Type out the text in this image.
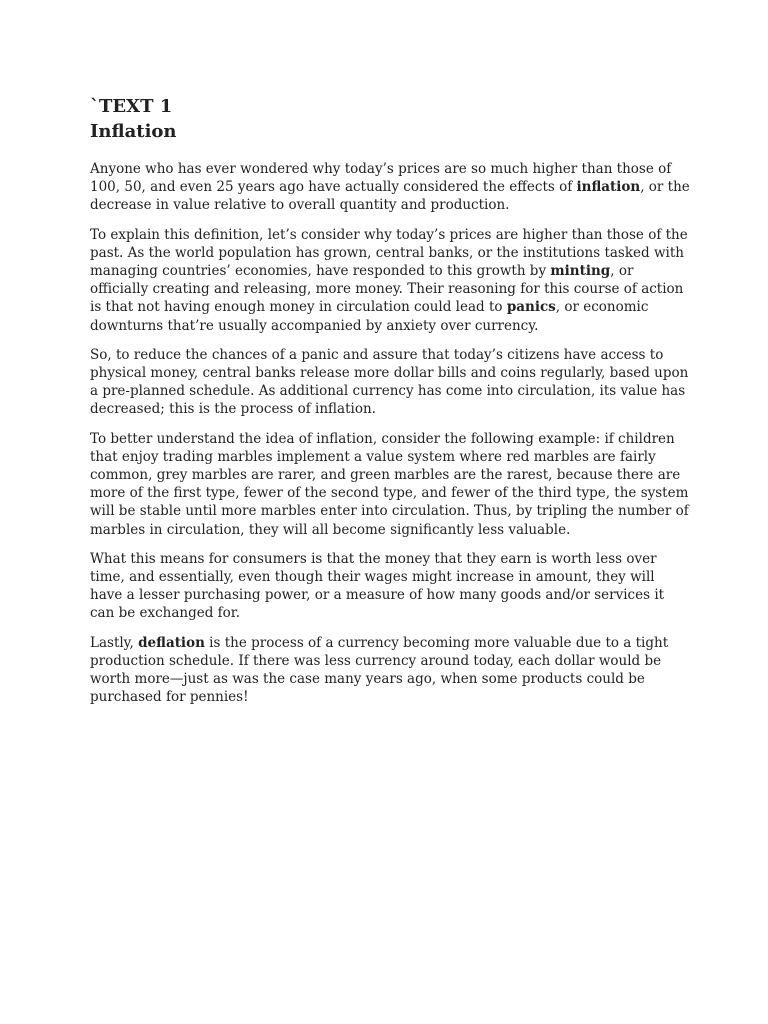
`TEXT 1
Inflation

Anyone who has ever wondered why today’s prices are so much higher than those of 100, 50, and even 25 years ago have actually considered the effects of inflation, or the decrease in value relative to overall quantity and production.

To explain this definition, let’s consider why today’s prices are higher than those of the past. As the world population has grown, central banks, or the institutions tasked with managing countries’ economies, have responded to this growth by minting, or officially creating and releasing, more money. Their reasoning for this course of action is that not having enough money in circulation could lead to panics, or economic downturns that’re usually accompanied by anxiety over currency.

So, to reduce the chances of a panic and assure that today’s citizens have access to physical money, central banks release more dollar bills and coins regularly, based upon a pre-planned schedule. As additional currency has come into circulation, its value has decreased; this is the process of inflation.

To better understand the idea of inflation, consider the following example: if children that enjoy trading marbles implement a value system where red marbles are fairly common, grey marbles are rarer, and green marbles are the rarest, because there are more of the first type, fewer of the second type, and fewer of the third type, the system will be stable until more marbles enter into circulation. Thus, by tripling the number of marbles in circulation, they will all become significantly less valuable.

What this means for consumers is that the money that they earn is worth less over time, and essentially, even though their wages might increase in amount, they will have a lesser purchasing power, or a measure of how many goods and/or services it can be exchanged for.

Lastly, deflation is the process of a currency becoming more valuable due to a tight production schedule. If there was less currency around today, each dollar would be worth more—just as was the case many years ago, when some products could be purchased for pennies!
